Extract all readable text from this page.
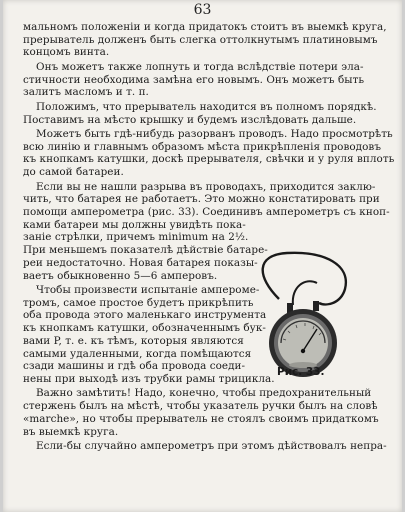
63
мальномъ положеніи и когда придатокъ стоитъ въ выемкѣ круга,
прерыватель долженъ быть слегка оттолкнутымъ платиновымъ
концомъ винта.
Онъ можетъ также лопнуть и тогда вслѣдствіе потери эла-
стичности необходима замѣна его новымъ. Онъ можетъ быть
залитъ масломъ и т. п.
Положимъ, что прерыватель находится въ полномъ порядкѣ.
Поставимъ на мѣсто крышку и будемъ изслѣдовать дальше.
Можетъ быть гдѣ-нибудь разорванъ проводъ. Надо просмотрѣть
всю линію и главнымъ образомъ мѣста прикрѣпленія проводовъ
къ кнопкамъ катушки, доскѣ прерывателя, свѣчки и у руля вплоть
до самой батареи.
Если вы не нашли разрыва въ проводахъ, приходится заклю-
чить, что батарея не работаетъ. Это можно констатировать при
помощи амперометра (рис. 33). Соединивъ амперометръ съ кноп-
ками батареи мы должны увидѣть пока-
заніе стрѣлки, причемъ minimum на 2½.
При меньшемъ показателѣ дѣйствіе батаре-
реи недостаточно. Новая батарея показы-
ваетъ обыкновенно 5—6 амперовъ.
Чтобы произвести испытаніе ампероме-
тромъ, самое простое будетъ прикрѣпить
оба провода этого маленькаго инструмента
къ кнопкамъ катушки, обозначеннымъ бук-
вами P, т. е. къ тѣмъ, которыя являются
самыми удаленными, когда помѣщаются
сзади машины и гдѣ оба провода соеди-
нены при выходѣ изъ трубки рамы трицикла.
Важно замѣтить! Надо, конечно, чтобы предохранительный
стержень былъ на мѣстѣ, чтобы указатель ручки былъ на словѣ
«marche», но чтобы прерыватель не стоялъ своимъ придаткомъ
въ выемкѣ круга.
Если-бы случайно амперометръ при этомъ дѣйствовалъ непра-
Рис. 33.
